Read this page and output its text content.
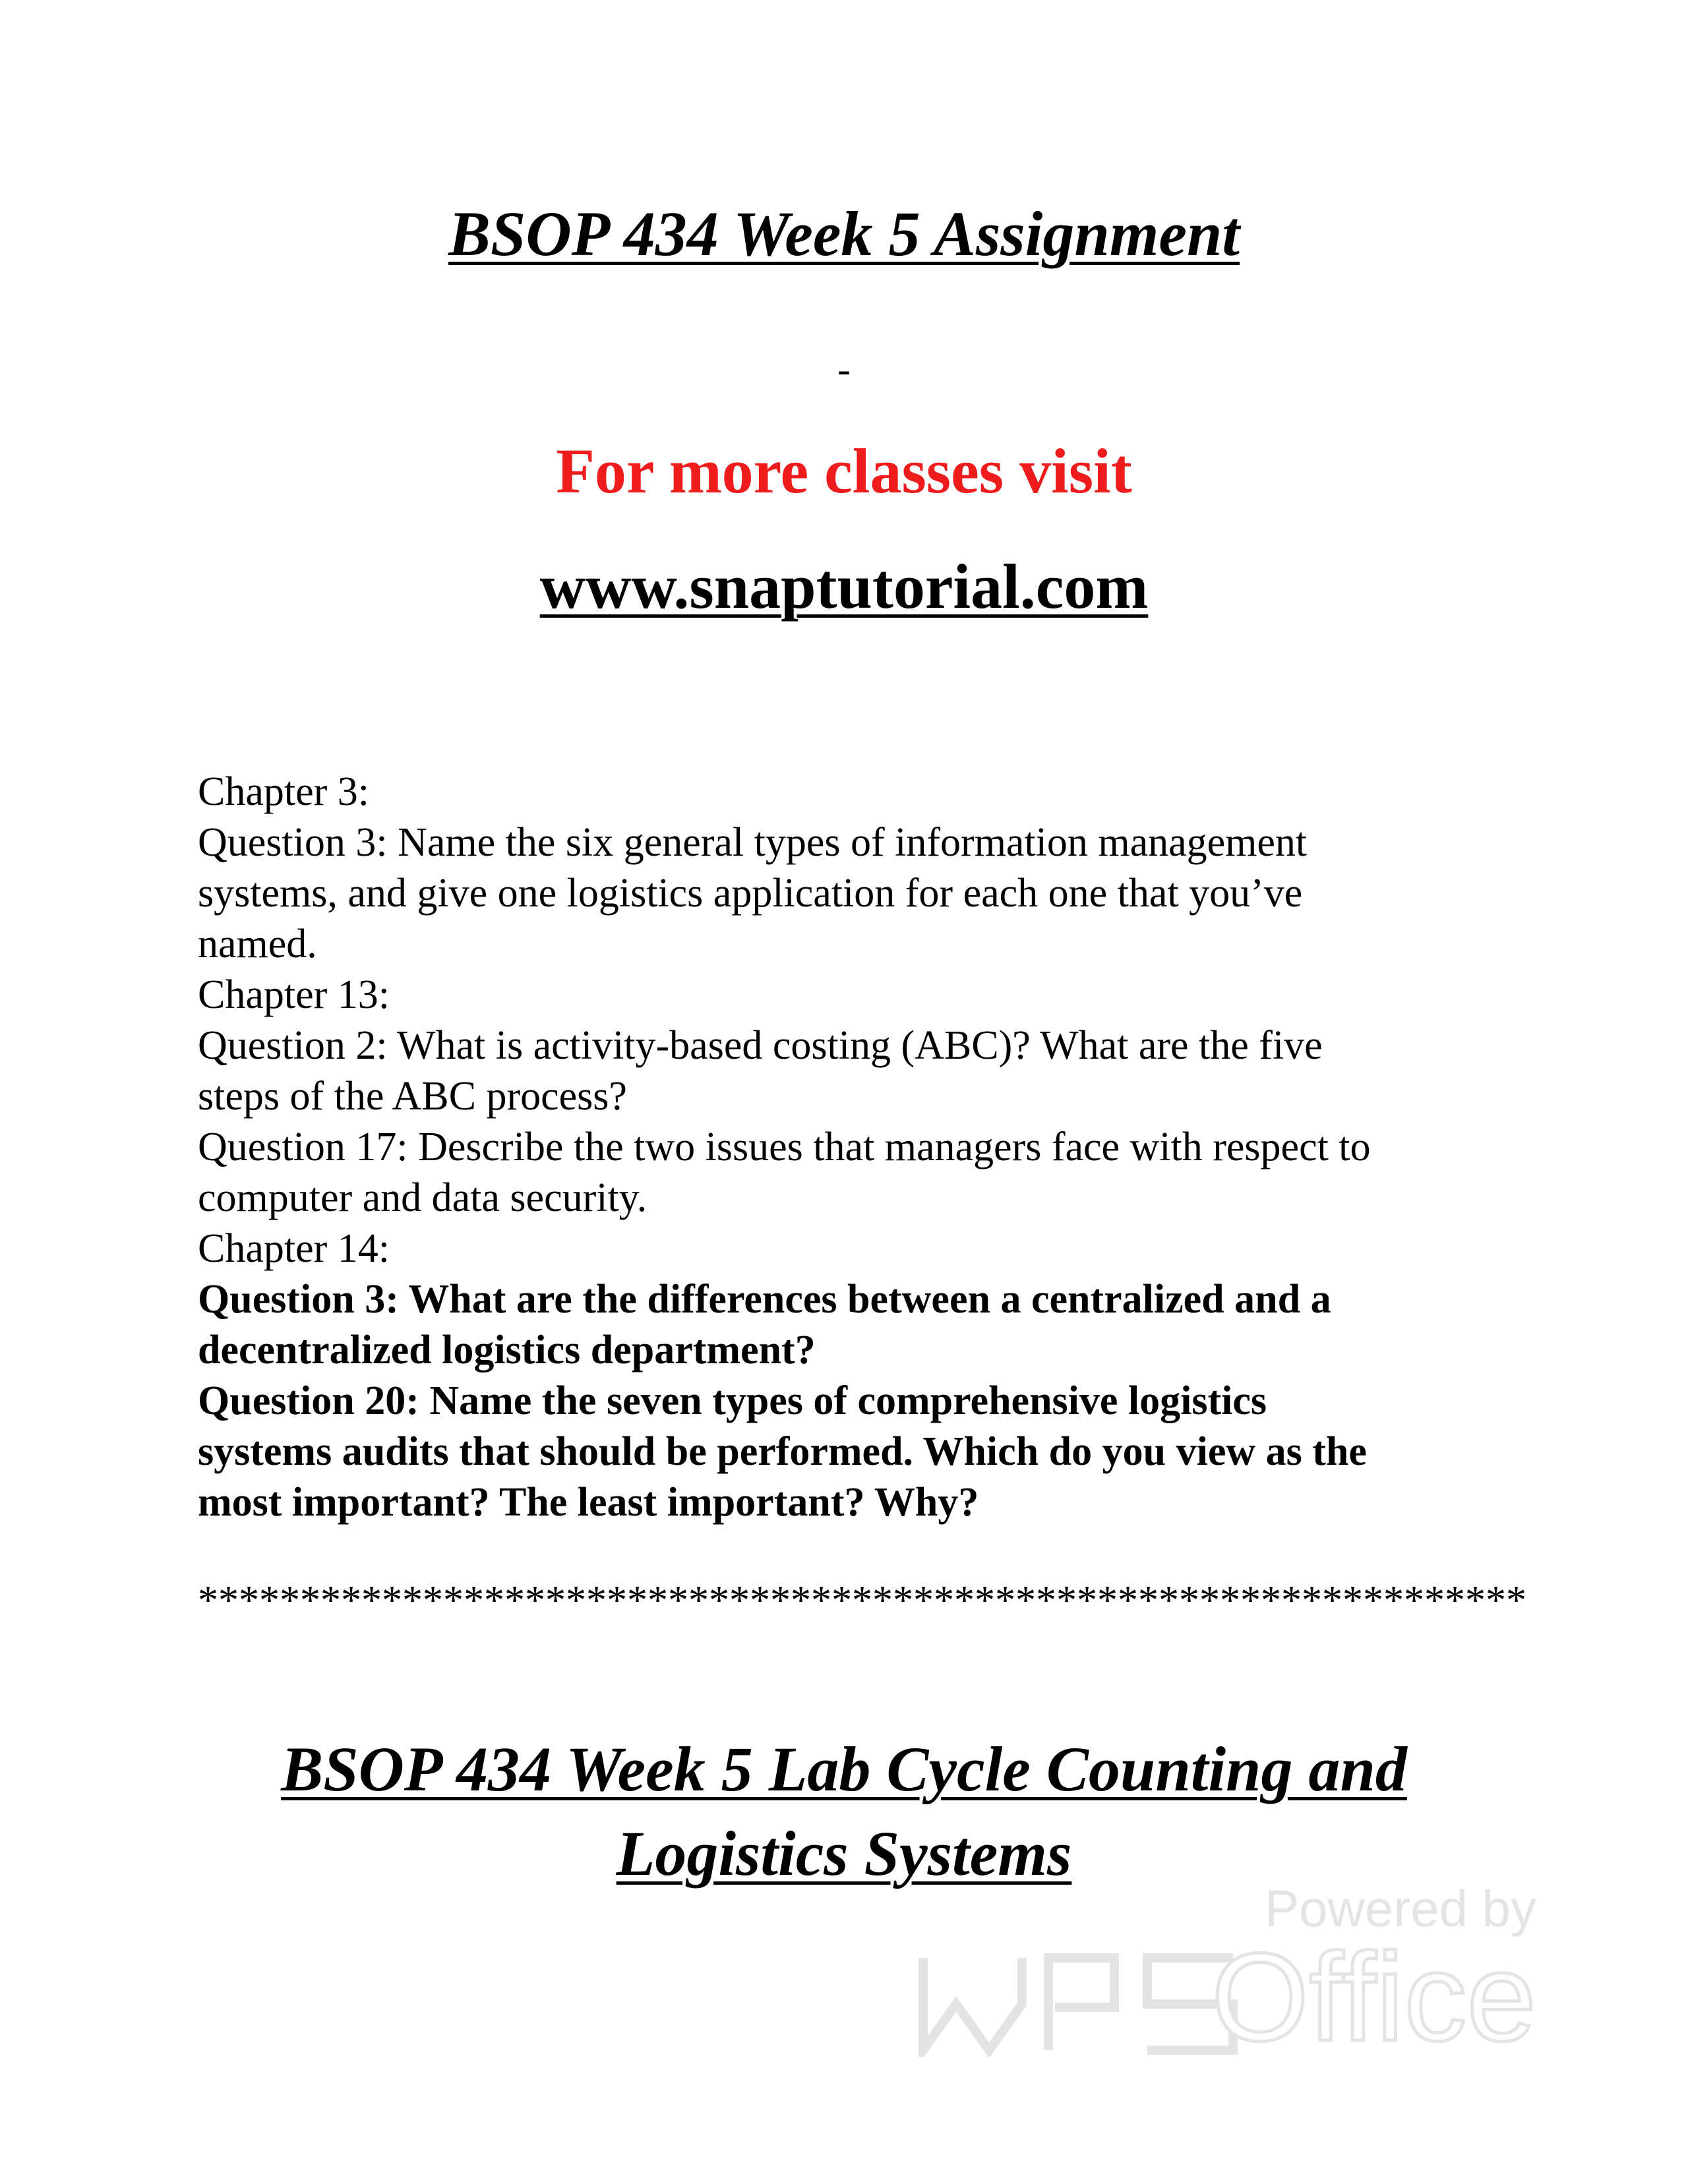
BSOP 434 Week 5 Assignment
-
For more classes visit
www.snaptutorial.com
Chapter 3:
Question 3: Name the six general types of information management
systems, and give one logistics application for each one that you’ve
named.
Chapter 13:
Question 2: What is activity-based costing (ABC)? What are the five
steps of the ABC process?
Question 17: Describe the two issues that managers face with respect to
computer and data security.
Chapter 14:
Question 3: What are the differences between a centralized and a
decentralized logistics department?
Question 20: Name the seven types of comprehensive logistics
systems audits that should be performed. Which do you view as the
most important? The least important? Why?
*****************************************************************
BSOP 434 Week 5 Lab Cycle Counting and
Logistics Systems
Powered by
Office
